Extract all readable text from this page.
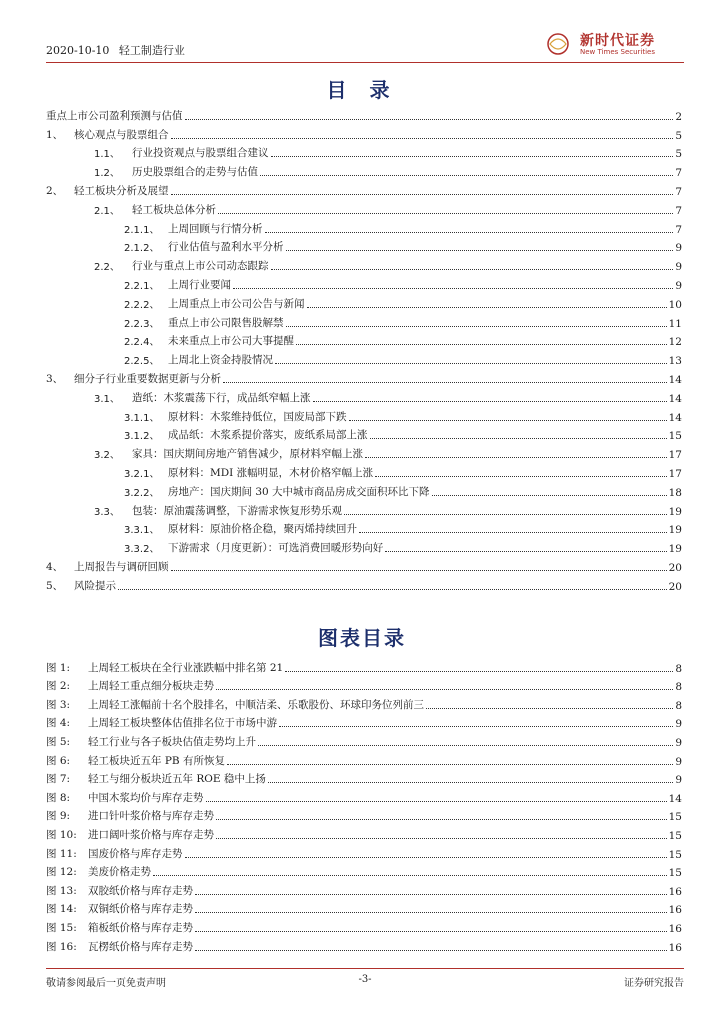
2020-10-10 轻工制造行业
新时代证券
New Times Securities
目 录
重点上市公司盈利预测与估值	2
1、 核心观点与股票组合	5
1.1、 行业投资观点与股票组合建议	5
1.2、 历史股票组合的走势与估值	7
2、 轻工板块分析及展望	7
2.1、 轻工板块总体分析	7
2.1.1、 上周回顾与行情分析	7
2.1.2、 行业估值与盈利水平分析	9
2.2、 行业与重点上市公司动态跟踪	9
2.2.1、 上周行业要闻	9
2.2.2、 上周重点上市公司公告与新闻	10
2.2.3、 重点上市公司限售股解禁	11
2.2.4、 未来重点上市公司大事提醒	12
2.2.5、 上周北上资金持股情况	13
3、 细分子行业重要数据更新与分析	14
3.1、 造纸：木浆震荡下行，成品纸窄幅上涨	14
3.1.1、 原材料：木浆维持低位，国废局部下跌	14
3.1.2、 成品纸：木浆系提价落实，废纸系局部上涨	15
3.2、 家具：国庆期间房地产销售减少，原材料窄幅上涨	17
3.2.1、 原材料：MDI 涨幅明显，木材价格窄幅上涨	17
3.2.2、 房地产：国庆期间 30 大中城市商品房成交面积环比下降	18
3.3、 包装：原油震荡调整，下游需求恢复形势乐观	19
3.3.1、 原材料：原油价格企稳，聚丙烯持续回升	19
3.3.2、 下游需求（月度更新）：可选消费回暖形势向好	19
4、 上周报告与调研回顾	20
5、 风险提示	20
图表目录
图 1:	上周轻工板块在全行业涨跌幅中排名第 21	8
图 2:	上周轻工重点细分板块走势	8
图 3:	上周轻工涨幅前十名个股排名，中顺洁柔、乐歌股份、环球印务位列前三	8
图 4:	上周轻工板块整体估值排名位于市场中游	9
图 5:	轻工行业与各子板块估值走势均上升	9
图 6:	轻工板块近五年 PB 有所恢复	9
图 7:	轻工与细分板块近五年 ROE 稳中上扬	9
图 8:	中国木浆均价与库存走势	14
图 9:	进口针叶浆价格与库存走势	15
图 10:	进口阔叶浆价格与库存走势	15
图 11:	国废价格与库存走势	15
图 12:	美废价格走势	15
图 13:	双胶纸价格与库存走势	16
图 14:	双铜纸价格与库存走势	16
图 15:	箱板纸价格与库存走势	16
图 16:	瓦楞纸价格与库存走势	16
敬请参阅最后一页免责声明	-3-	证券研究报告
